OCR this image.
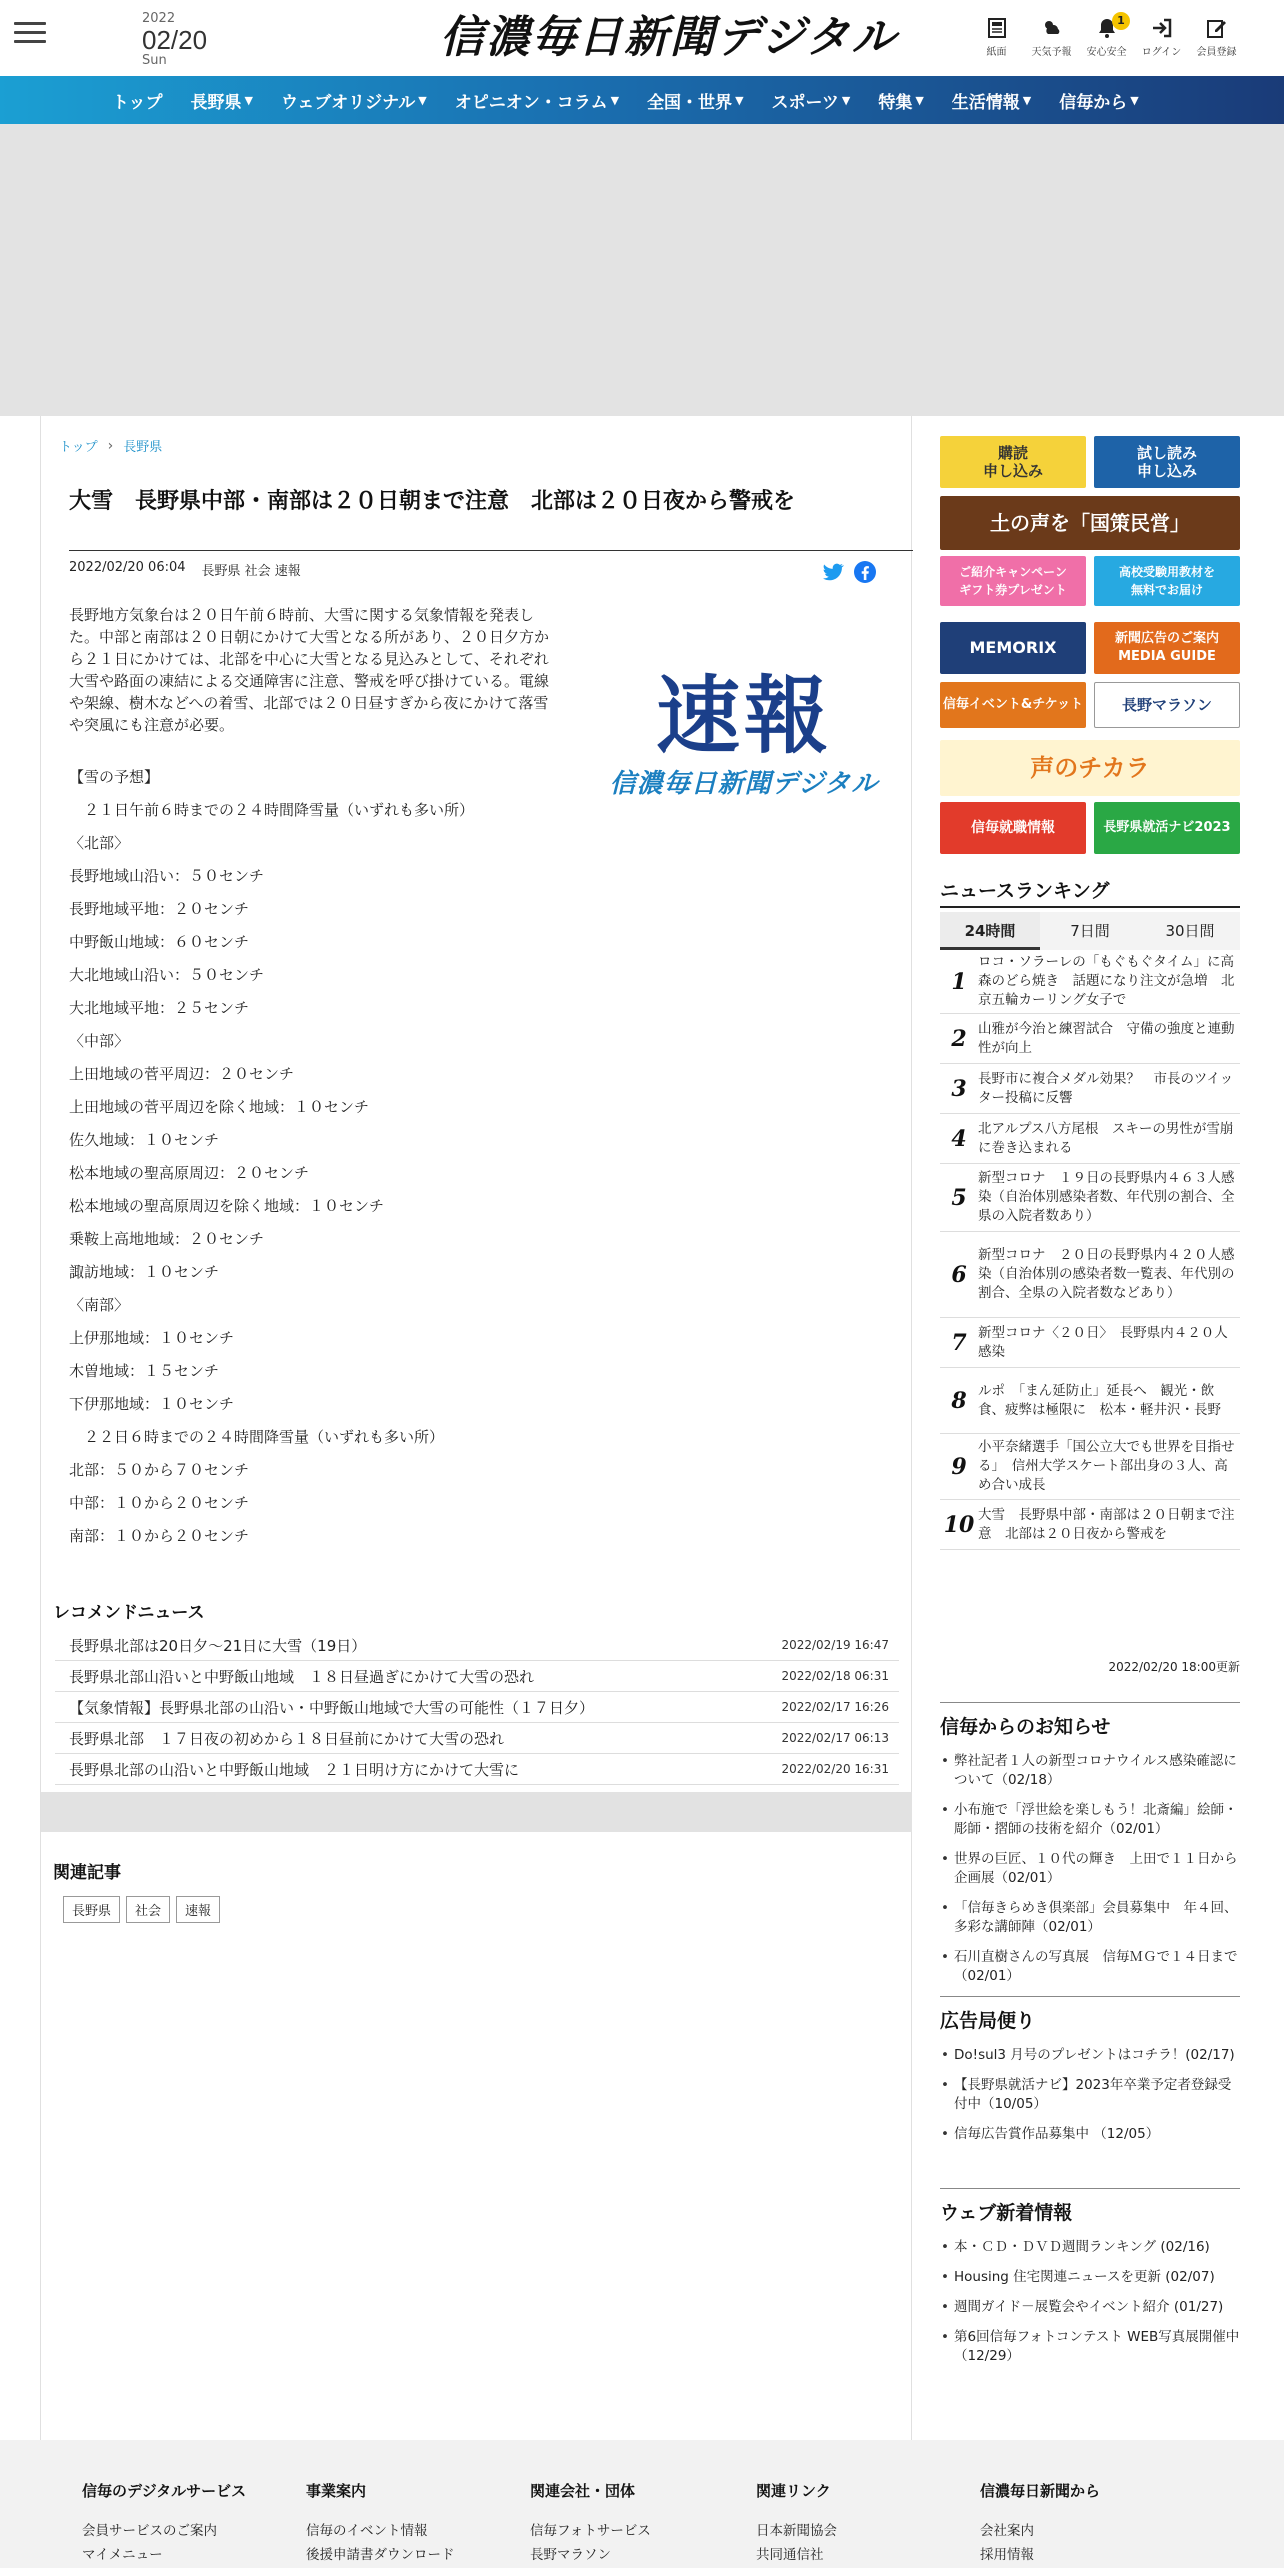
2022
02/20
Sun	信濃毎日新聞デジタル	紙面	天気予報
1
安心安全	ログイン	会員登録
トップ 長野県 ▼ ウェブオリジナル ▼ オピニオン・コラム ▼ 全国・世界 ▼ スポーツ ▼ 特集 ▼ 生活情報 ▼ 信毎から ▼
トップ › 長野県
大雪　長野県中部・南部は２０日朝まで注意　北部は２０日夜から警戒を
2022/02/20 06:04 長野県 社会 速報

長野地方気象台は２０日午前６時前、大雪に関する気象情報を発表した。中部と南部は２０日朝にかけて大雪となる所があり、２０日夕方から２１日にかけては、北部を中心に大雪となる見込みとして、それぞれ大雪や路面の凍結による交通障害に注意、警戒を呼び掛けている。電線や架線、樹木などへの着雪、北部では２０日昼すぎから夜にかけて落雪や突風にも注意が必要。	速報
信濃毎日新聞デジタル
【雪の予想】
　２１日午前６時までの２４時間降雪量（いずれも多い所）
〈北部〉
長野地域山沿い：５０センチ
長野地域平地：２０センチ
中野飯山地域：６０センチ
大北地域山沿い：５０センチ
大北地域平地：２５センチ
〈中部〉
上田地域の菅平周辺：２０センチ
上田地域の菅平周辺を除く地域：１０センチ
佐久地域：１０センチ
松本地域の聖高原周辺：２０センチ
松本地域の聖高原周辺を除く地域：１０センチ
乗鞍上高地地域：２０センチ
諏訪地域：１０センチ
〈南部〉
上伊那地域：１０センチ
木曽地域：１５センチ
下伊那地域：１０センチ
　２２日６時までの２４時間降雪量（いずれも多い所）
北部：５０から７０センチ
中部：１０から２０センチ
南部：１０から２０センチ
レコメンドニュース
長野県北部は20日夕～21日に大雪（19日）	2022/02/19 16:47
長野県北部山沿いと中野飯山地域　１８日昼過ぎにかけて大雪の恐れ	2022/02/18 06:31
【気象情報】長野県北部の山沿い・中野飯山地域で大雪の可能性（１７日夕）	2022/02/17 16:26
長野県北部　１７日夜の初めから１８日昼前にかけて大雪の恐れ	2022/02/17 06:13
長野県北部の山沿いと中野飯山地域　２１日明け方にかけて大雪に	2022/02/20 16:31
関連記事
長野県	社会	速報
購読
申し込み
試し読み
申し込み
土の声を「国策民営」
ご紹介キャンペーン
ギフト券プレゼント
高校受験用教材を
無料でお届け
MEMORIX	新聞広告のご案内
MEDIA GUIDE
信毎イベント&チケット	長野マラソン
声のチカラ
信毎就職情報	長野県就活ナビ2023
ニュースランキング
24時間	7日間	30日間
1
ロコ・ソラーレの「もぐもぐタイム」に高森のどら焼き　話題になり注文が急増　北京五輪カーリング女子で
2 山雅が今治と練習試合　守備の強度と連動性が向上
3 長野市に複合メダル効果？　市長のツイッター投稿に反響
4 北アルプス八方尾根　スキーの男性が雪崩に巻き込まれる
5
新型コロナ　１９日の長野県内４６３人感染（自治体別感染者数、年代別の割合、全県の入院者数あり）
6
新型コロナ　２０日の長野県内４２０人感染（自治体別の感染者数一覧表、年代別の割合、全県の入院者数などあり）
7 新型コロナ〈２０日〉　長野県内４２０人感染
8 ルポ　「まん延防止」延長へ　観光・飲食、疲弊は極限に　松本・軽井沢・長野
9
小平奈緒選手「国公立大でも世界を目指せる」　信州大学スケート部出身の３人、高め合い成長
10 大雪　長野県中部・南部は２０日朝まで注意　北部は２０日夜から警戒を
2022/02/20 18:00更新
信毎からのお知らせ
• 弊社記者１人の新型コロナウイルス感染確認について（02/18）
• 小布施で「浮世絵を楽しもう！北斎編」絵師・彫師・摺師の技術を紹介（02/01）
• 世界の巨匠、１０代の輝き　上田で１１日から企画展（02/01）
• 「信毎きらめき倶楽部」会員募集中　年４回、多彩な講師陣（02/01）
• 石川直樹さんの写真展　信毎ＭＧで１４日まで（02/01）
広告局便り
• Do!sul3 月号のプレゼントはコチラ！(02/17)
• 【長野県就活ナビ】2023年卒業予定者登録受付中（10/05）
• 信毎広告賞作品募集中 （12/05）
ウェブ新着情報
• 本・ＣＤ・ＤＶＤ週間ランキング (02/16)
• Housing 住宅関連ニュースを更新 (02/07)
• 週間ガイド－展覧会やイベント紹介 (01/27)
• 第6回信毎フォトコンテスト WEB写真展開催中（12/29）
信毎のデジタルサービス
会員サービスのご案内
マイメニュー
事業案内
信毎のイベント情報
後援申請書ダウンロード
関連会社・団体
信毎フォトサービス
長野マラソン
関連リンク
日本新聞協会
共同通信社
信濃毎日新聞から
会社案内
採用情報
